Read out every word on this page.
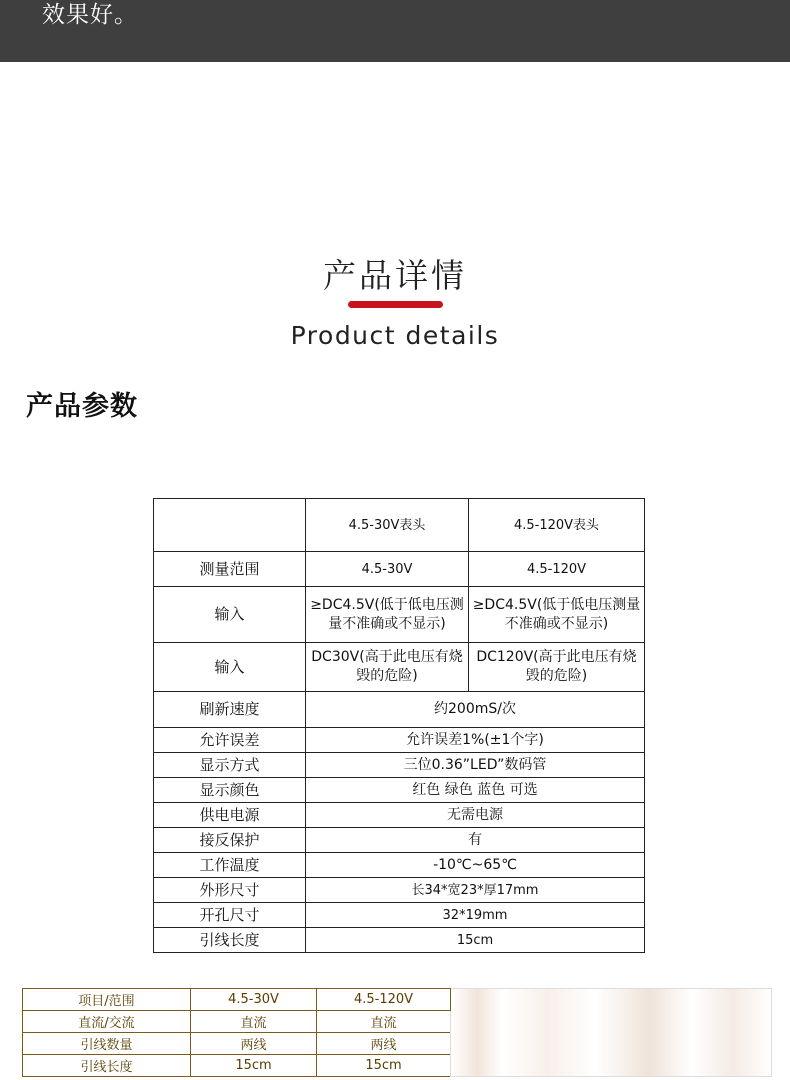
效果好。
产品详情
Product details
产品参数
	4.5-30V表头	4.5-120V表头
测量范围	4.5-30V	4.5-120V
输入	≥DC4.5V(低于低电压测量不准确或不显示)	≥DC4.5V(低于低电压测量不准确或不显示)
输入	DC30V(高于此电压有烧毁的危险)	DC120V(高于此电压有烧毁的危险)
刷新速度	约200mS/次	
允许误差	允许误差1%(±1个字)	
显示方式	三位0.36”LED”数码管	
显示颜色	红色 绿色 蓝色 可选	
供电电源	无需电源	
接反保护	有	
工作温度	-10℃~65℃	
外形尺寸	长34*宽23*厚17mm	
开孔尺寸	32*19mm	
引线长度	15cm	
项目/范围	4.5-30V	4.5-120V	
直流/交流	直流	直流	
引线数量	两线	两线	
引线长度	15cm	15cm	
